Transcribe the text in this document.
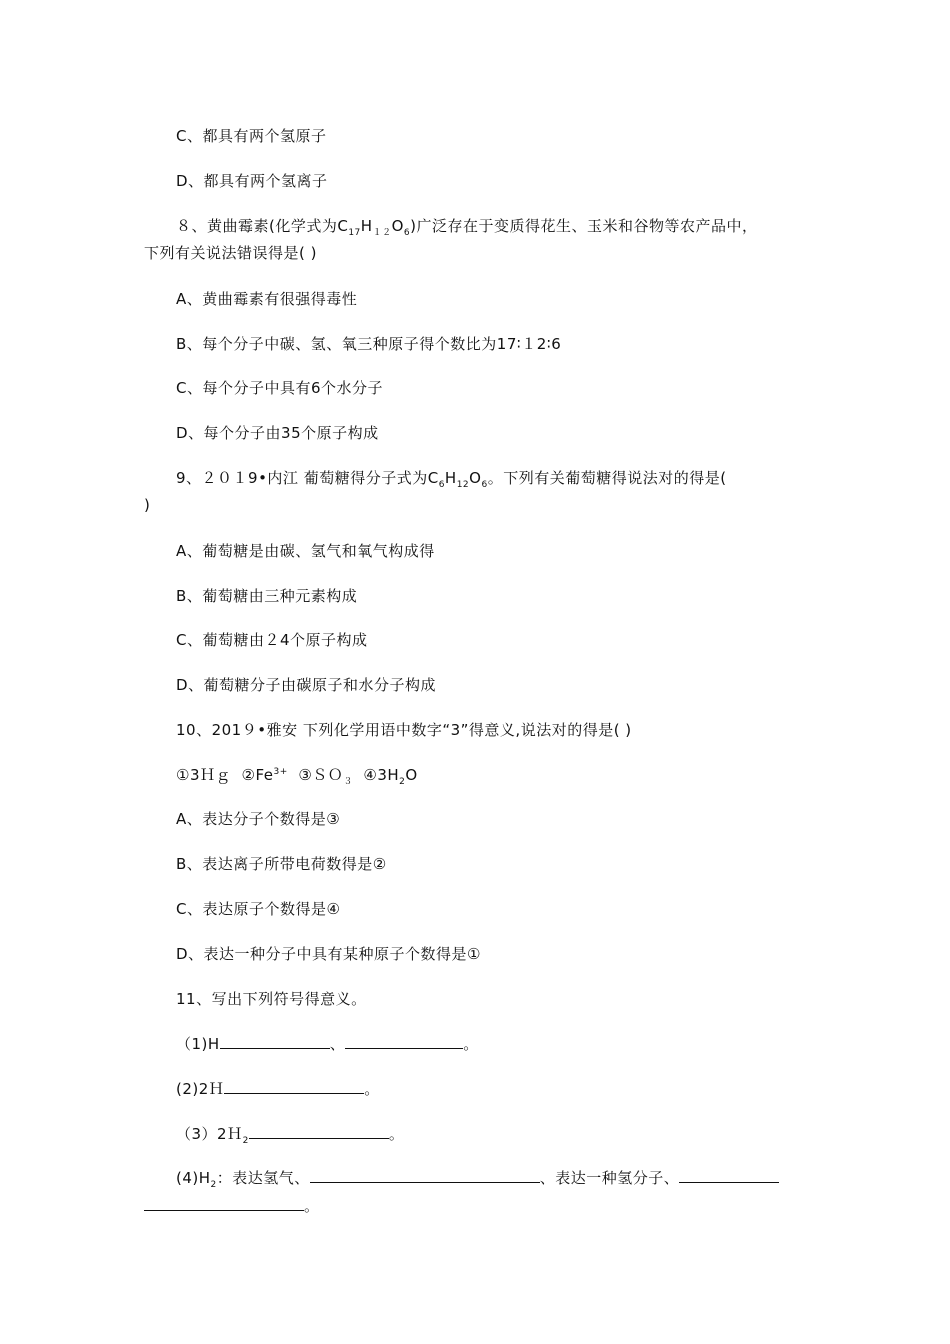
C、都具有两个氢原子
D、都具有两个氢离子
８、黄曲霉素(化学式为$C_{17}H_{12}O_6$)广泛存在于变质得花生、玉米和谷物等农产品中，
下列有关说法错误得是( )
A、黄曲霉素有很强得毒性
B、每个分子中碳、氢、氧三种原子得个数比为17∶１2∶6
C、每个分子中具有6个水分子
D、每个分子由35个原子构成
9、２０１9•内江 葡萄糖得分子式为$C_6H_{12}O_6$。下列有关葡萄糖得说法对的得是(
)
A、葡萄糖是由碳、氢气和氧气构成得
B、葡萄糖由三种元素构成
C、葡萄糖由２4个原子构成
D、葡萄糖分子由碳原子和水分子构成
10、201９•雅安 下列化学用语中数字“3”得意义,说法对的得是( )
①3Ｈｇ $②Fe^{3+}$ ③ＳＯ$_3$ $④3H_2O$
A、表达分子个数得是③
B、表达离子所带电荷数得是②
C、表达原子个数得是④
D、表达一种分子中具有某种原子个数得是①
11、写出下列符号得意义。
（1)H	、	。
(2)2Ｈ	。
（3）2Ｈ$_2$	。
$(4)H_2$：表达氢气、	、表达一种氢分子、
。
